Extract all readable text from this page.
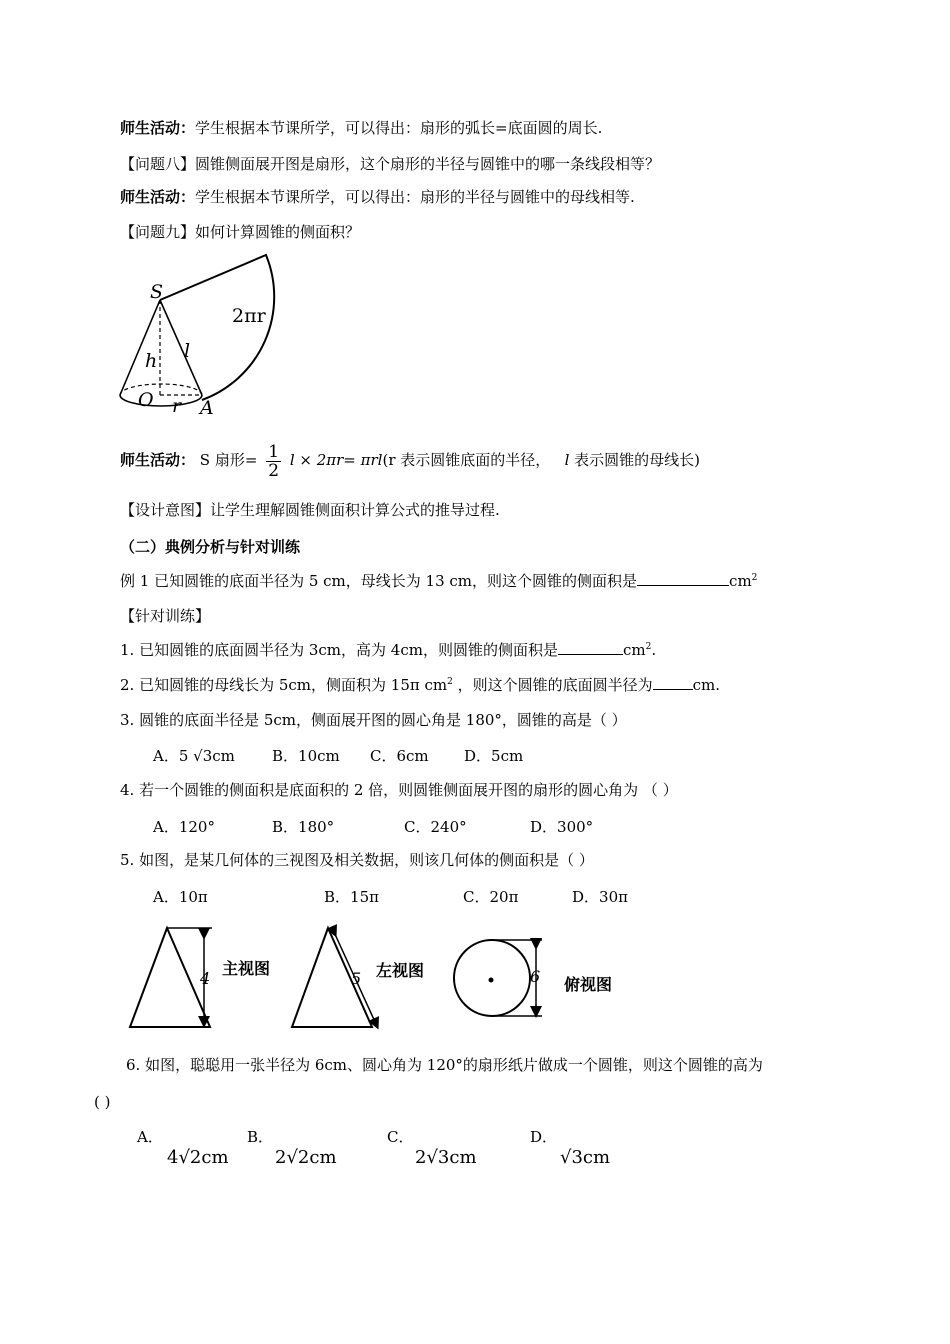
师生活动：学生根据本节课所学，可以得出：扇形的弧长=底面圆的周长.
【问题八】圆锥侧面展开图是扇形，这个扇形的半径与圆锥中的哪一条线段相等？
师生活动：学生根据本节课所学，可以得出：扇形的半径与圆锥中的母线相等.
【问题九】如何计算圆锥的侧面积？
S
2πr
h l
O r A
师生活动： S 扇形= $\frac{1}{2}$ l × 2πr= πrl(r 表示圆锥底面的半径， l 表示圆锥的母线长)
【设计意图】让学生理解圆锥侧面积计算公式的推导过程.
（二）典例分析与针对训练
例 1 已知圆锥的底面半径为 5 cm，母线长为 13 cm，则这个圆锥的侧面积是	$cm^2$
【针对训练】
1. 已知圆锥的底面圆半径为 3cm，高为 4cm，则圆锥的侧面积是	$cm^2$.
2. 已知圆锥的母线长为 5cm，侧面积为 15π $cm^2$ ，则这个圆锥的底面圆半径为	cm.
3. 圆锥的底面半径是 5cm，侧面展开图的圆心角是 180°，圆锥的高是（ ）
A．5 √3cm B．10cm C．6cm D．5cm
4. 若一个圆锥的侧面积是底面积的 2 倍，则圆锥侧面展开图的扇形的圆心角为 （ ）
A．120°	B．180°	C．240°	D．300°
5. 如图，是某几何体的三视图及相关数据，则该几何体的侧面积是（ ）
A．10π	B．15π	C．20π	D．30π
4
主视图
5 左视图	6 俯视图
6. 如图，聪聪用一张半径为 6cm、圆心角为 120°的扇形纸片做成一个圆锥，则这个圆锥的高为
( )
A．
4√2cm
B．
2√2cm
C．
2√3cm
D．
√3cm
